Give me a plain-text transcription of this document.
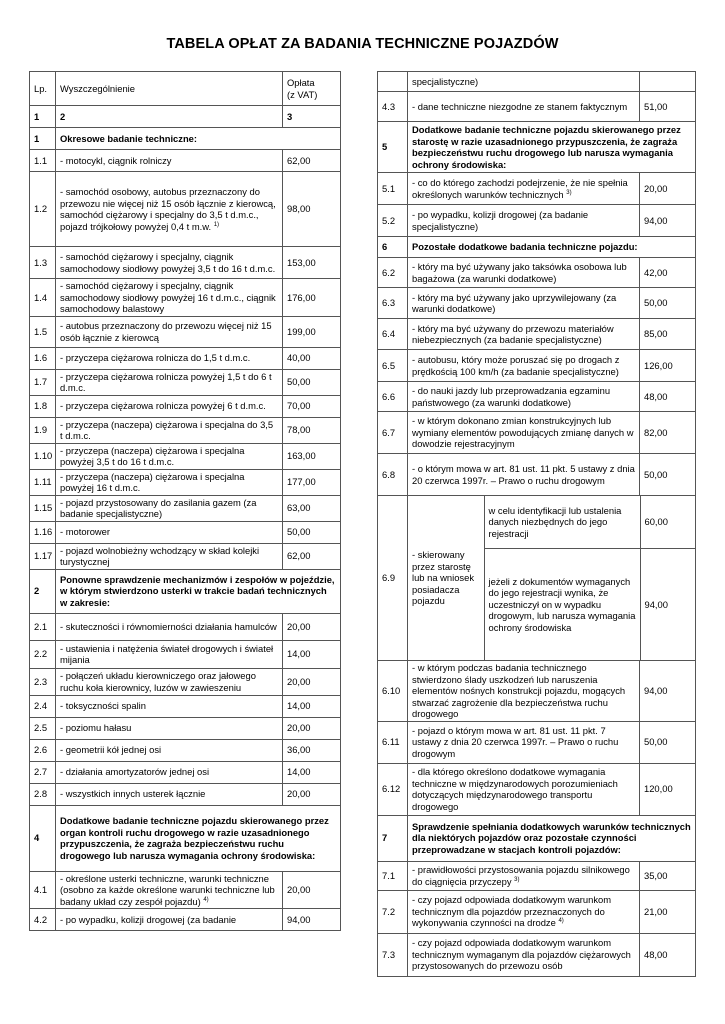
TABELA OPŁAT ZA BADANIA TECHNICZNE POJAZDÓW
Lp.	Wyszczególnienie	Opłata
(z VAT)
1	2	3
1	Okresowe badanie techniczne:	
1.1	- motocykl, ciągnik rolniczy	62,00
1.2	- samochód osobowy, autobus przeznaczony do przewozu nie więcej niż 15 osób łącznie z kierowcą, samochód ciężarowy i specjalny do 3,5 t d.m.c., pojazd trójkołowy powyżej 0,4 t m.w. $^{1)}$	98,00
1.3	- samochód ciężarowy i specjalny, ciągnik samochodowy siodłowy powyżej 3,5 t do 16 t d.m.c.	153,00
1.4	- samochód ciężarowy i specjalny, ciągnik samochodowy siodłowy powyżej 16 t d.m.c., ciągnik samochodowy balastowy	176,00
1.5	- autobus przeznaczony do przewozu więcej niż 15 osób łącznie z kierowcą	199,00
1.6	- przyczepa ciężarowa rolnicza do 1,5 t d.m.c.	40,00
1.7	- przyczepa ciężarowa rolnicza powyżej 1,5 t do 6 t d.m.c.	50,00
1.8	- przyczepa ciężarowa rolnicza powyżej 6 t d.m.c.	70,00
1.9	- przyczepa (naczepa) ciężarowa i specjalna do 3,5 t d.m.c.	78,00
1.10	- przyczepa (naczepa) ciężarowa i specjalna powyżej 3,5 t do 16 t d.m.c.	163,00
1.11	- przyczepa (naczepa) ciężarowa i specjalna powyżej 16 t d.m.c.	177,00
1.15	- pojazd przystosowany do zasilania gazem (za badanie specjalistyczne)	63,00
1.16	- motorower	50,00
1.17	- pojazd wolnobieżny wchodzący w skład kolejki turystycznej	62,00
2	Ponowne sprawdzenie mechanizmów i zespołów w pojeździe, w którym stwierdzono usterki w trakcie badań technicznych w zakresie:	
2.1	- skuteczności i równomierności działania hamulców	20,00
2.2	- ustawienia i natężenia świateł drogowych i świateł mijania	14,00
2.3	- połączeń układu kierowniczego oraz jałowego ruchu koła kierownicy, luzów w zawieszeniu	20,00
2.4	- toksyczności spalin	14,00
2.5	- poziomu hałasu	20,00
2.6	- geometrii kół jednej osi	36,00
2.7	- działania amortyzatorów jednej osi	14,00
2.8	- wszystkich innych usterek łącznie	20,00
4	Dodatkowe badanie techniczne pojazdu skierowanego przez organ kontroli ruchu drogowego w razie uzasadnionego przypuszczenia, że zagraża bezpieczeństwu ruchu drogowego lub narusza wymagania ochrony środowiska:	
4.1	- określone usterki techniczne, warunki techniczne (osobno za każde określone warunki techniczne lub badany układ czy zespół pojazdu) $^{4)}$	20,00
4.2	- po wypadku, kolizji drogowej (za badanie	94,00
	specjalistyczne)	
4.3	- dane techniczne niezgodne ze stanem faktycznym	51,00
5	Dodatkowe badanie techniczne pojazdu skierowanego przez starostę w razie uzasadnionego przypuszczenia, że zagraża bezpieczeństwu ruchu drogowego lub narusza wymagania ochrony środowiska:
5.1	- co do którego zachodzi podejrzenie, że nie spełnia określonych warunków technicznych $^{3)}$	20,00
5.2	- po wypadku, kolizji drogowej (za badanie specjalistyczne)	94,00
6	Pozostałe dodatkowe badania techniczne pojazdu:
6.2	- który ma być używany jako taksówka osobowa lub bagażowa (za warunki dodatkowe)	42,00
6.3	- który ma być używany jako uprzywilejowany (za warunki dodatkowe)	50,00
6.4	- który ma być używany do przewozu materiałów niebezpiecznych (za badanie specjalistyczne)	85,00
6.5	- autobusu, który może poruszać się po drogach z prędkością 100 km/h (za badanie specjalistyczne)	126,00
6.6	- do nauki jazdy lub przeprowadzania egzaminu państwowego (za warunki dodatkowe)	48,00
6.7	- w którym dokonano zmian konstrukcyjnych lub wymiany elementów powodujących zmianę danych w dowodzie rejestracyjnym	82,00
6.8	- o którym mowa w art. 81 ust. 11 pkt. 5 ustawy z dnia 20 czerwca 1997r. – Prawo o ruchu drogowym	50,00
6.9	
- skierowany przez starostę lub na wniosek posiadacza pojazdu	w celu identyfikacji lub ustalenia danych niezbędnych do jego rejestracji	60,00
jeżeli z dokumentów wymaganych do jego rejestracji wynika, że uczestniczył on w wypadku drogowym, lub narusza wymagania ochrony środowiska	94,00

6.10	- w którym podczas badania technicznego stwierdzono ślady uszkodzeń lub naruszenia elementów nośnych konstrukcji pojazdu, mogących stwarzać zagrożenie dla bezpieczeństwa ruchu drogowego	94,00
6.11	- pojazd o którym mowa w art. 81 ust. 11 pkt. 7 ustawy z dnia 20 czerwca 1997r. – Prawo o ruchu drogowym	50,00
6.12	- dla którego określono dodatkowe wymagania techniczne w międzynarodowych porozumieniach dotyczących międzynarodowego transportu drogowego	120,00
7	Sprawdzenie spełniania dodatkowych warunków technicznych dla niektórych pojazdów oraz pozostałe czynności przeprowadzane w stacjach kontroli pojazdów:
7.1	- prawidłowości przystosowania pojazdu silnikowego do ciągnięcia przyczepy $^{3)}$	35,00
7.2	- czy pojazd odpowiada dodatkowym warunkom technicznym dla pojazdów przeznaczonych do wykonywania czynności na drodze $^{4)}$	21,00
7.3	- czy pojazd odpowiada dodatkowym warunkom technicznym wymaganym dla pojazdów ciężarowych przystosowanych do przewozu osób	48,00
